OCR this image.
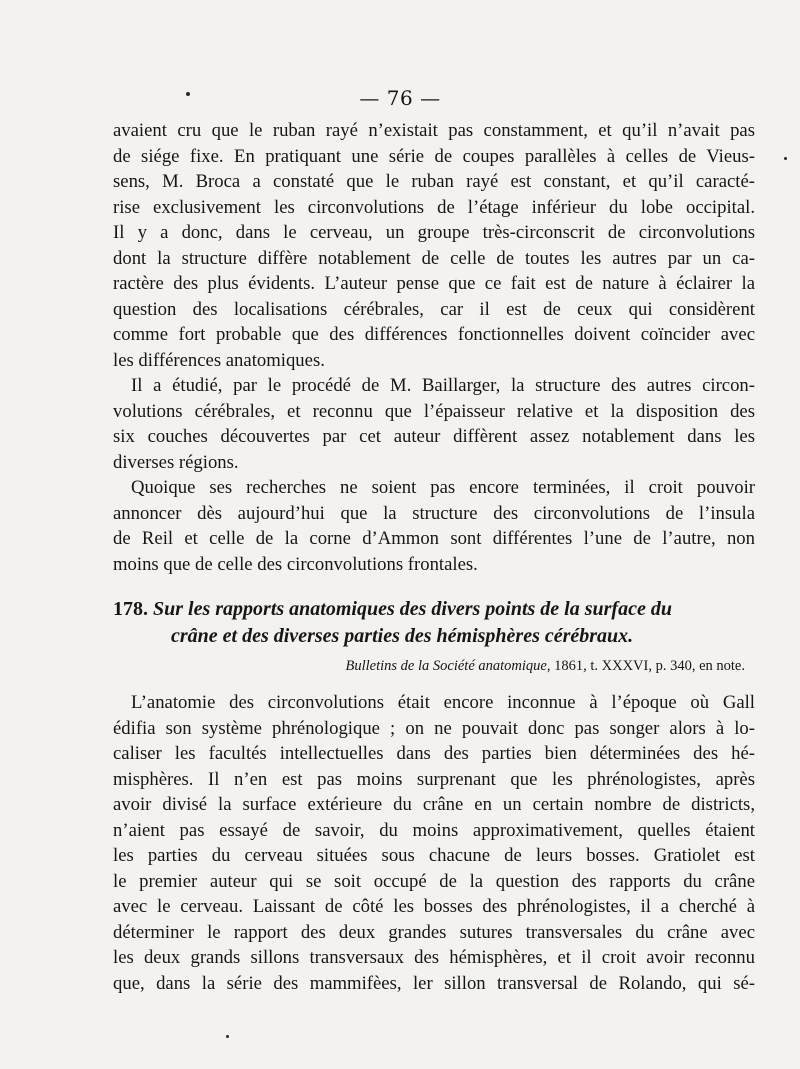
— 76 —
avaient cru que le ruban rayé n’existait pas constamment, et qu’il n’avait pas
de siége fixe. En pratiquant une série de coupes parallèles à celles de Vieus-
sens, M. Broca a constaté que le ruban rayé est constant, et qu’il caracté-
rise exclusivement les circonvolutions de l’étage inférieur du lobe occipital.
Il y a donc, dans le cerveau, un groupe très-circonscrit de circonvolutions
dont la structure diffère notablement de celle de toutes les autres par un ca-
ractère des plus évidents. L’auteur pense que ce fait est de nature à éclairer la
question des localisations cérébrales, car il est de ceux qui considèrent
comme fort probable que des différences fonctionnelles doivent coïncider avec
les différences anatomiques.
Il a étudié, par le procédé de M. Baillarger, la structure des autres circon-
volutions cérébrales, et reconnu que l’épaisseur relative et la disposition des
six couches découvertes par cet auteur diffèrent assez notablement dans les
diverses régions.
Quoique ses recherches ne soient pas encore terminées, il croit pouvoir
annoncer dès aujourd’hui que la structure des circonvolutions de l’insula
de Reil et celle de la corne d’Ammon sont différentes l’une de l’autre, non
moins que de celle des circonvolutions frontales.
178. Sur les rapports anatomiques des divers points de la surface du
crâne et des diverses parties des hémisphères cérébraux.
Bulletins de la Société anatomique, 1861, t. XXXVI, p. 340, en note.
L’anatomie des circonvolutions était encore inconnue à l’époque où Gall
édifia son système phrénologique ; on ne pouvait donc pas songer alors à lo-
caliser les facultés intellectuelles dans des parties bien déterminées des hé-
misphères. Il n’en est pas moins surprenant que les phrénologistes, après
avoir divisé la surface extérieure du crâne en un certain nombre de districts,
n’aient pas essayé de savoir, du moins approximativement, quelles étaient
les parties du cerveau situées sous chacune de leurs bosses. Gratiolet est
le premier auteur qui se soit occupé de la question des rapports du crâne
avec le cerveau. Laissant de côté les bosses des phrénologistes, il a cherché à
déterminer le rapport des deux grandes sutures transversales du crâne avec
les deux grands sillons transversaux des hémisphères, et il croit avoir reconnu
que, dans la série des mammifèes, ler sillon transversal de Rolando, qui sé-
